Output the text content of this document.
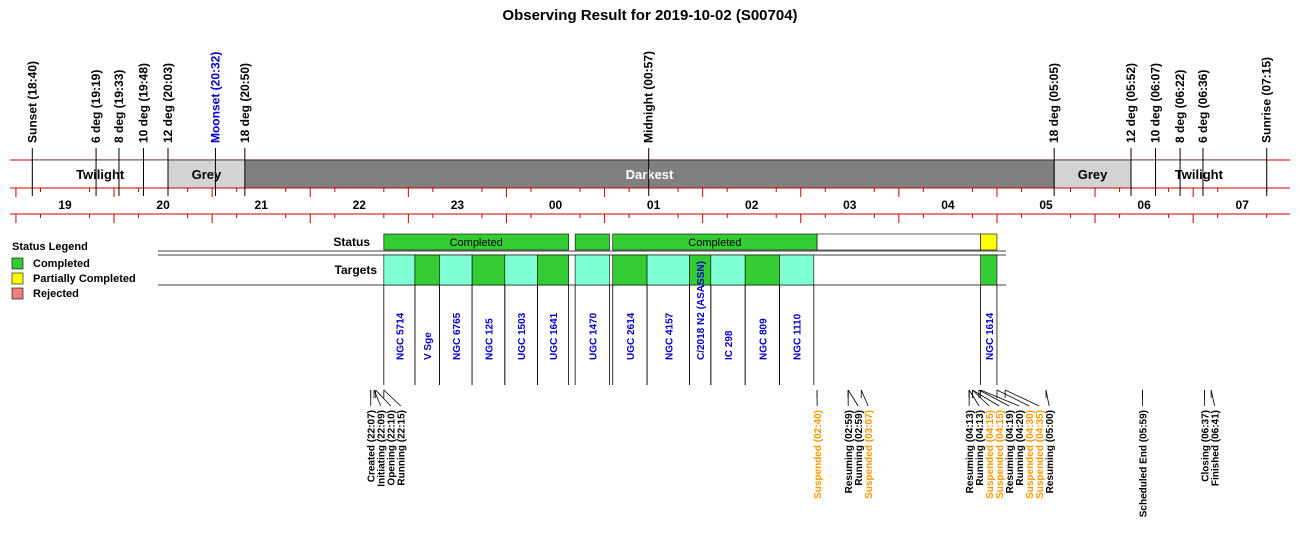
Observing Result for 2019-10-02 (S00704)
Twilight	Grey	Darkest	Grey	Twilight
19	20	21	22	23	00	01	02	03	04	05	06	07
Sunset (18:40)	6 deg (19:19) 8 deg (19:33) 10 deg (19:48) 12 deg (20:03)	Moonset (20:32) 18 deg (20:50)	Midnight (00:57)	18 deg (05:05)	12 deg (05:52) 10 deg (06:07) 8 deg (06:22) 6 deg (06:36)	Sunrise (07:15)
Status	Completed	Completed
Targets
NGC 5714 V Sge NGC 6765 NGC 125 UGC 1503 UGC 1641	UGC 1470	UGC 2614	NGC 4157 C/2018 N2 (ASASSN) IC 298 NGC 809 NGC 1110	NGC 1614
Created (22:07) Initiating (22:09) Opening (22:10) Running (22:15)	Suspended (02:40) Resuming (02:59) Running (02:59) Suspended (03:07)	Resuming (04:13) Running (04:13) Suspended (04:15) Suspended (04:15) Resuming (04:19) Running (04:20) Suspended (04:30) Suspended (04:35) Resuming (05:00)	Scheduled End (05:59)	Closing (06:37) Finished (06:41)
Status Legend
Completed
Partially Completed
Rejected
